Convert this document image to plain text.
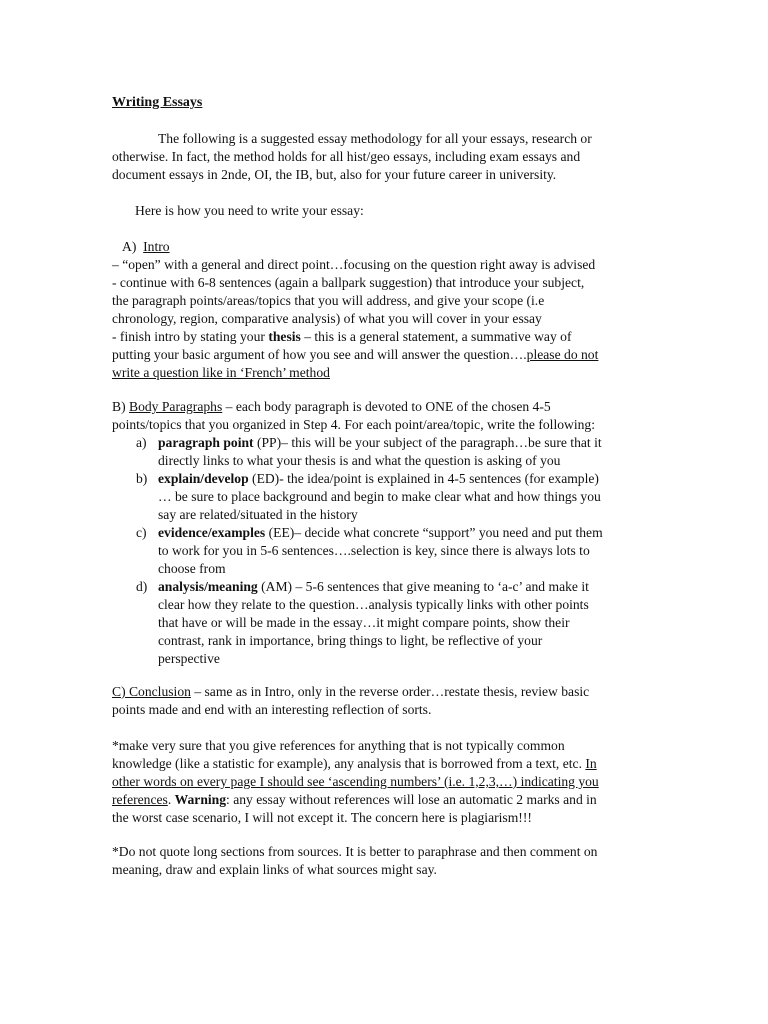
Writing Essays
The following is a suggested essay methodology for all your essays, research or
otherwise. In fact, the method holds for all hist/geo essays, including exam essays and
document essays in 2nde, OI, the IB, but, also for your future career in university.
Here is how you need to write your essay:
A) Intro
– “open” with a general and direct point…focusing on the question right away is advised
- continue with 6-8 sentences (again a ballpark suggestion) that introduce your subject,
the paragraph points/areas/topics that you will address, and give your scope (i.e
chronology, region, comparative analysis) of what you will cover in your essay
- finish intro by stating your thesis – this is a general statement, a summative way of
putting your basic argument of how you see and will answer the question….please do not
write a question like in ‘French’ method
B) Body Paragraphs – each body paragraph is devoted to ONE of the chosen 4-5
points/topics that you organized in Step 4. For each point/area/topic, write the following:
a) paragraph point (PP)– this will be your subject of the paragraph…be sure that it
directly links to what your thesis is and what the question is asking of you
b) explain/develop (ED)- the idea/point is explained in 4-5 sentences (for example)
… be sure to place background and begin to make clear what and how things you
say are related/situated in the history
c) evidence/examples (EE)– decide what concrete “support” you need and put them
to work for you in 5-6 sentences….selection is key, since there is always lots to
choose from
d) analysis/meaning (AM) – 5-6 sentences that give meaning to ‘a-c’ and make it
clear how they relate to the question…analysis typically links with other points
that have or will be made in the essay…it might compare points, show their
contrast, rank in importance, bring things to light, be reflective of your
perspective
C) Conclusion – same as in Intro, only in the reverse order…restate thesis, review basic
points made and end with an interesting reflection of sorts.
*make very sure that you give references for anything that is not typically common
knowledge (like a statistic for example), any analysis that is borrowed from a text, etc. In
other words on every page I should see ‘ascending numbers’ (i.e. 1,2,3,…) indicating you
references. Warning: any essay without references will lose an automatic 2 marks and in
the worst case scenario, I will not except it. The concern here is plagiarism!!!
*Do not quote long sections from sources. It is better to paraphrase and then comment on
meaning, draw and explain links of what sources might say.
